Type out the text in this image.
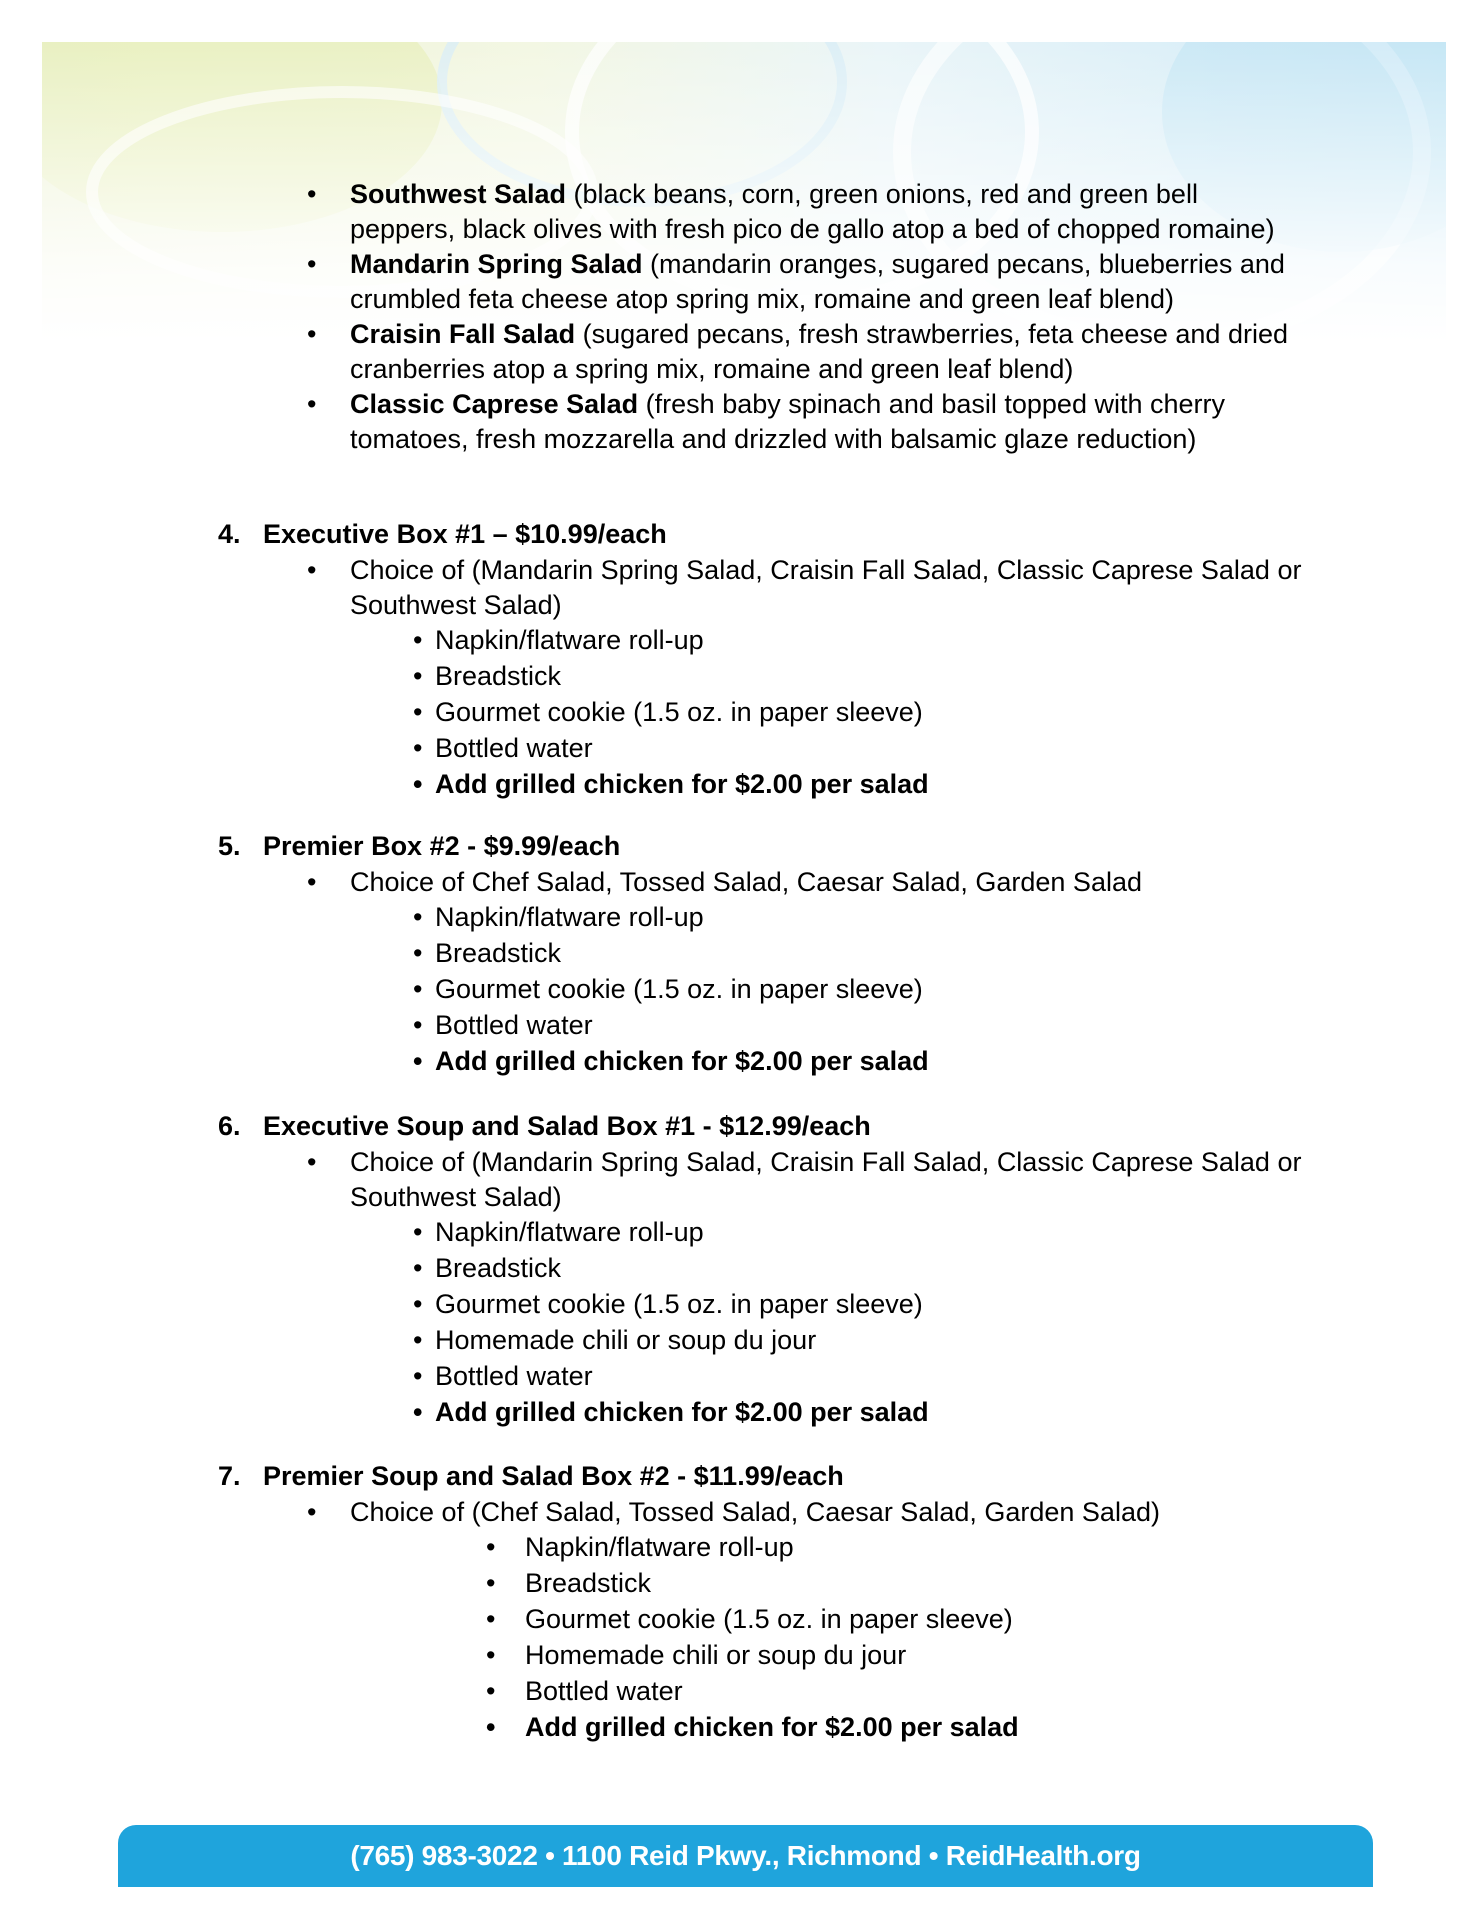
• Southwest Salad (black beans, corn, green onions, red and green bell peppers, black olives with fresh pico de gallo atop a bed of chopped romaine)
• Mandarin Spring Salad (mandarin oranges, sugared pecans, blueberries and crumbled feta cheese atop spring mix, romaine and green leaf blend)
• Craisin Fall Salad (sugared pecans, fresh strawberries, feta cheese and dried cranberries atop a spring mix, romaine and green leaf blend)
• Classic Caprese Salad (fresh baby spinach and basil topped with cherry tomatoes, fresh mozzarella and drizzled with balsamic glaze reduction)
4. Executive Box #1 – $10.99/each
• Choice of (Mandarin Spring Salad, Craisin Fall Salad, Classic Caprese Salad or Southwest Salad)
• Napkin/flatware roll-up
• Breadstick
• Gourmet cookie (1.5 oz. in paper sleeve)
• Bottled water
• Add grilled chicken for $2.00 per salad
5. Premier Box #2 - $9.99/each
• Choice of Chef Salad, Tossed Salad, Caesar Salad, Garden Salad
• Napkin/flatware roll-up
• Breadstick
• Gourmet cookie (1.5 oz. in paper sleeve)
• Bottled water
• Add grilled chicken for $2.00 per salad
6. Executive Soup and Salad Box #1 - $12.99/each
• Choice of (Mandarin Spring Salad, Craisin Fall Salad, Classic Caprese Salad or Southwest Salad)
• Napkin/flatware roll-up
• Breadstick
• Gourmet cookie (1.5 oz. in paper sleeve)
• Homemade chili or soup du jour
• Bottled water
• Add grilled chicken for $2.00 per salad
7. Premier Soup and Salad Box #2 - $11.99/each
• Choice of (Chef Salad, Tossed Salad, Caesar Salad, Garden Salad)
• Napkin/flatware roll-up
• Breadstick
• Gourmet cookie (1.5 oz. in paper sleeve)
• Homemade chili or soup du jour
• Bottled water
• Add grilled chicken for $2.00 per salad
(765) 983-3022 • 1100 Reid Pkwy., Richmond • ReidHealth.org
